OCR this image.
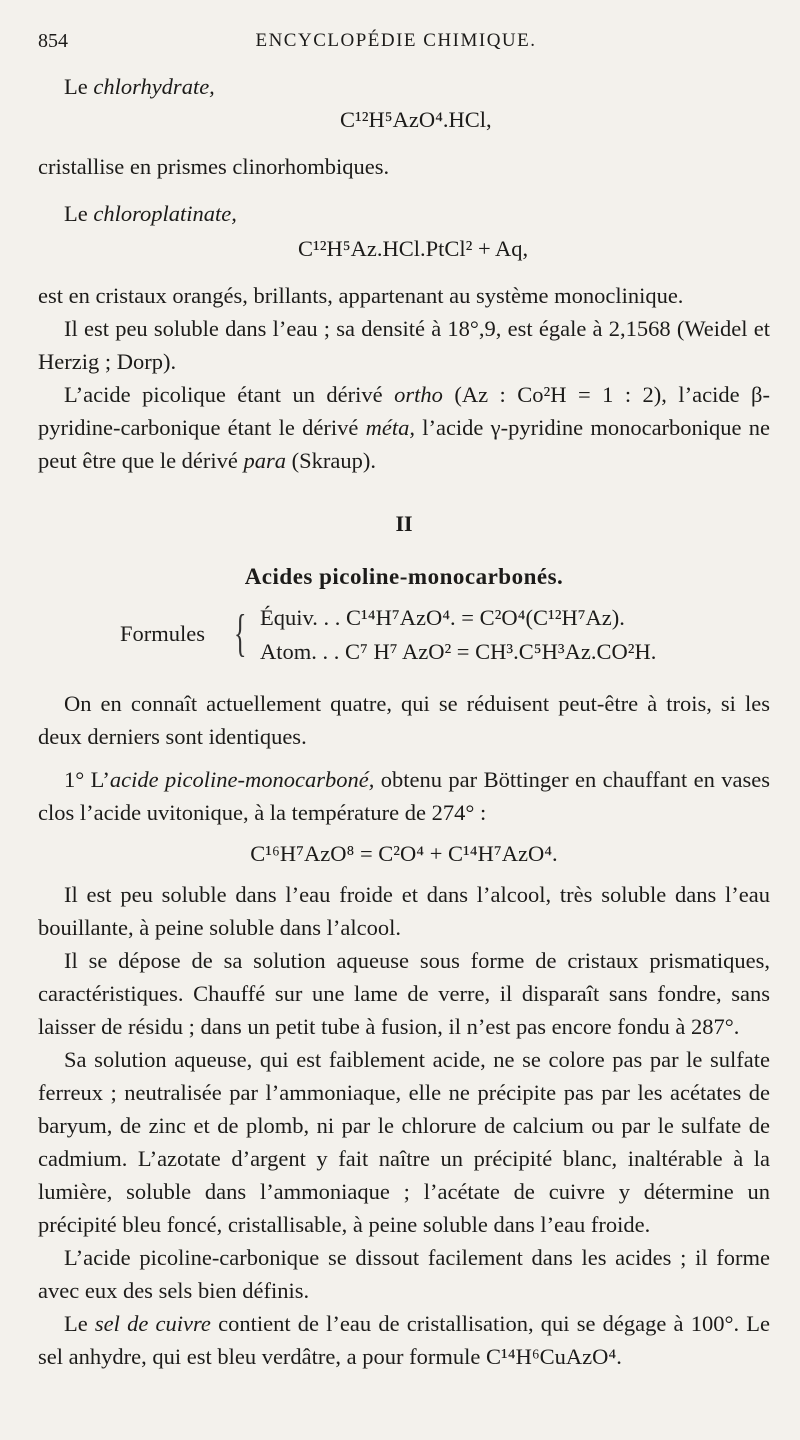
854	ENCYCLOPÉDIE CHIMIQUE.

Le chlorhydrate,

C¹²H⁵AzO⁴.HCl,

cristallise en prismes clinorhombiques.

Le chloroplatinate,

C¹²H⁵Az.HCl.PtCl² + Aq,

est en cristaux orangés, brillants, appartenant au système monoclinique.

Il est peu soluble dans l’eau ; sa densité à 18°,9, est égale à 2,1568 (Weidel et Herzig ; Dorp).

L’acide picolique étant un dérivé ortho (Az : Co²H = 1 : 2), l’acide β-pyridine-carbonique étant le dérivé méta, l’acide γ-pyridine monocarbonique ne peut être que le dérivé para (Skraup).

II
Acides picoline-monocarbonés.
Formules { Équiv. . . C¹⁴H⁷AzO⁴. = C²O⁴(C¹²H⁷Az).
Atom. . . C⁷ H⁷ AzO² = CH³.C⁵H³Az.CO²H.

On en connaît actuellement quatre, qui se réduisent peut-être à trois, si les deux derniers sont identiques.

1° L’acide picoline-monocarboné, obtenu par Böttinger en chauffant en vases clos l’acide uvitonique, à la température de 274° :

C¹⁶H⁷AzO⁸ = C²O⁴ + C¹⁴H⁷AzO⁴.

Il est peu soluble dans l’eau froide et dans l’alcool, très soluble dans l’eau bouillante, à peine soluble dans l’alcool.

Il se dépose de sa solution aqueuse sous forme de cristaux prismatiques, caractéristiques. Chauffé sur une lame de verre, il disparaît sans fondre, sans laisser de résidu ; dans un petit tube à fusion, il n’est pas encore fondu à 287°.

Sa solution aqueuse, qui est faiblement acide, ne se colore pas par le sulfate ferreux ; neutralisée par l’ammoniaque, elle ne précipite pas par les acétates de baryum, de zinc et de plomb, ni par le chlorure de calcium ou par le sulfate de cadmium. L’azotate d’argent y fait naître un précipité blanc, inaltérable à la lumière, soluble dans l’ammoniaque ; l’acétate de cuivre y détermine un précipité bleu foncé, cristallisable, à peine soluble dans l’eau froide.

L’acide picoline-carbonique se dissout facilement dans les acides ; il forme avec eux des sels bien définis.

Le sel de cuivre contient de l’eau de cristallisation, qui se dégage à 100°. Le sel anhydre, qui est bleu verdâtre, a pour formule C¹⁴H⁶CuAzO⁴.
